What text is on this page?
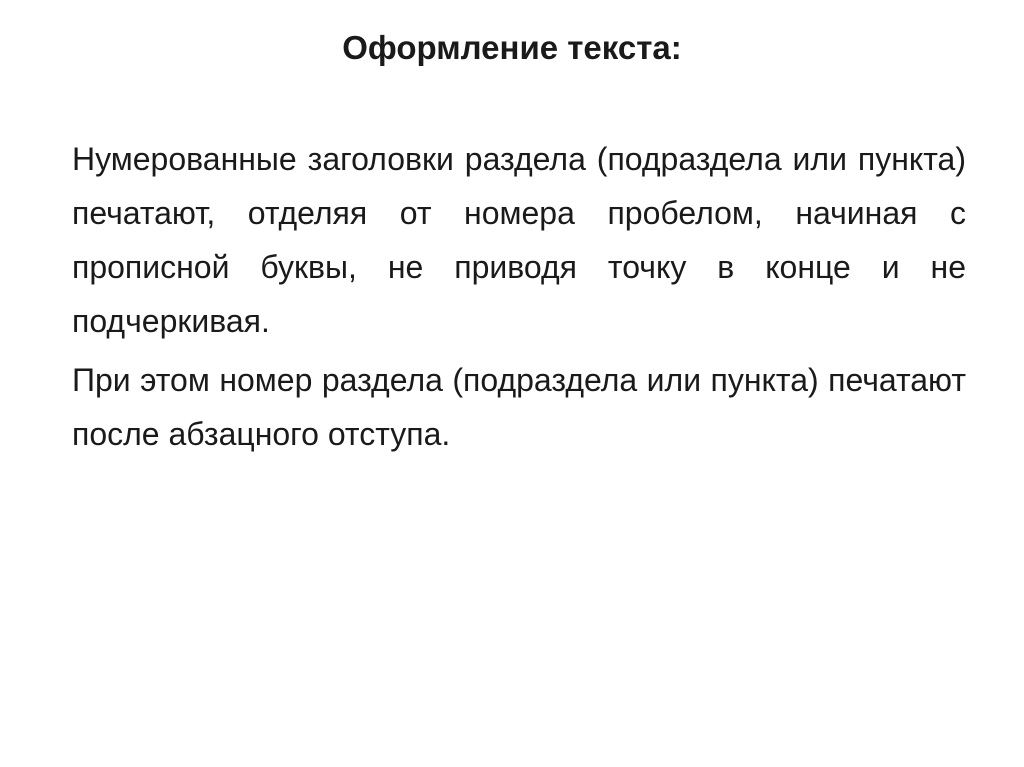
Оформление текста:

Нумерованные заголовки раздела (подраздела или пункта) печатают, отделяя от номера пробелом, начиная с прописной буквы, не приводя точку в конце и не подчеркивая.

При этом номер раздела (подраздела или пункта) печатают после абзацного отступа.
